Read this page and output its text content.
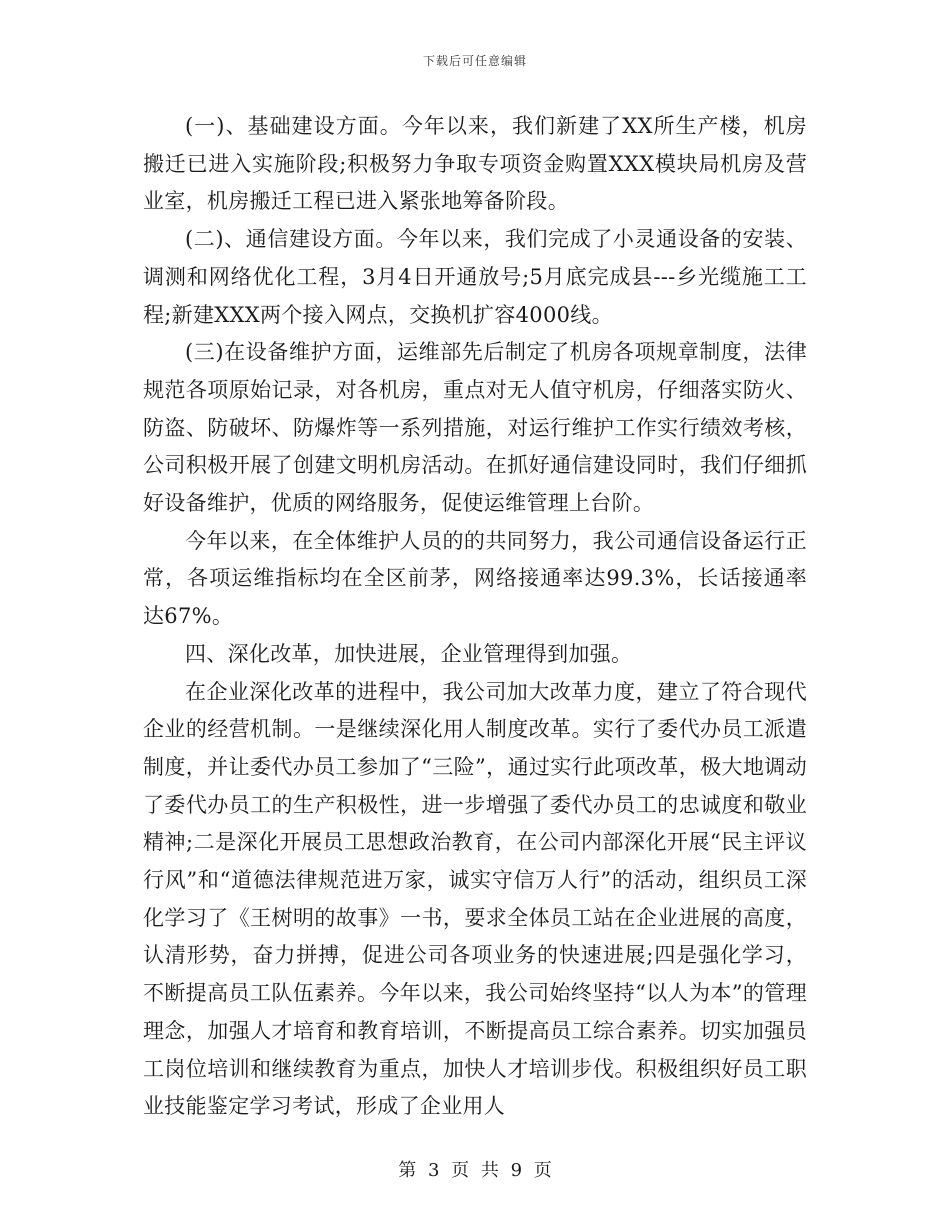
下载后可任意编辑

(一)、基础建设方面。今年以来，我们新建了XX所生产楼，机房搬迁已进入实施阶段;积极努力争取专项资金购置XXX模块局机房及营业室，机房搬迁工程已进入紧张地筹备阶段。

(二)、通信建设方面。今年以来，我们完成了小灵通设备的安装、调测和网络优化工程，3月4日开通放号;5月底完成县---乡光缆施工工程;新建XXX两个接入网点，交换机扩容4000线。

(三)在设备维护方面，运维部先后制定了机房各项规章制度，法律规范各项原始记录，对各机房，重点对无人值守机房，仔细落实防火、防盗、防破坏、防爆炸等一系列措施，对运行维护工作实行绩效考核，公司积极开展了创建文明机房活动。在抓好通信建设同时，我们仔细抓好设备维护，优质的网络服务，促使运维管理上台阶。

今年以来，在全体维护人员的的共同努力，我公司通信设备运行正常，各项运维指标均在全区前茅，网络接通率达99.3%，长话接通率达67%。

四、深化改革，加快进展，企业管理得到加强。

在企业深化改革的进程中，我公司加大改革力度，建立了符合现代企业的经营机制。一是继续深化用人制度改革。实行了委代办员工派遣制度，并让委代办员工参加了“三险”，通过实行此项改革，极大地调动了委代办员工的生产积极性，进一步增强了委代办员工的忠诚度和敬业精神;二是深化开展员工思想政治教育，在公司内部深化开展“民主评议行风”和“道德法律规范进万家，诚实守信万人行”的活动，组织员工深化学习了《王树明的故事》一书，要求全体员工站在企业进展的高度，认清形势，奋力拼搏，促进公司各项业务的快速进展;四是强化学习，不断提高员工队伍素养。今年以来，我公司始终坚持“以人为本”的管理理念，加强人才培育和教育培训，不断提高员工综合素养。切实加强员工岗位培训和继续教育为重点，加快人才培训步伐。积极组织好员工职业技能鉴定学习考试，形成了企业用人

第 3 页 共 9 页
